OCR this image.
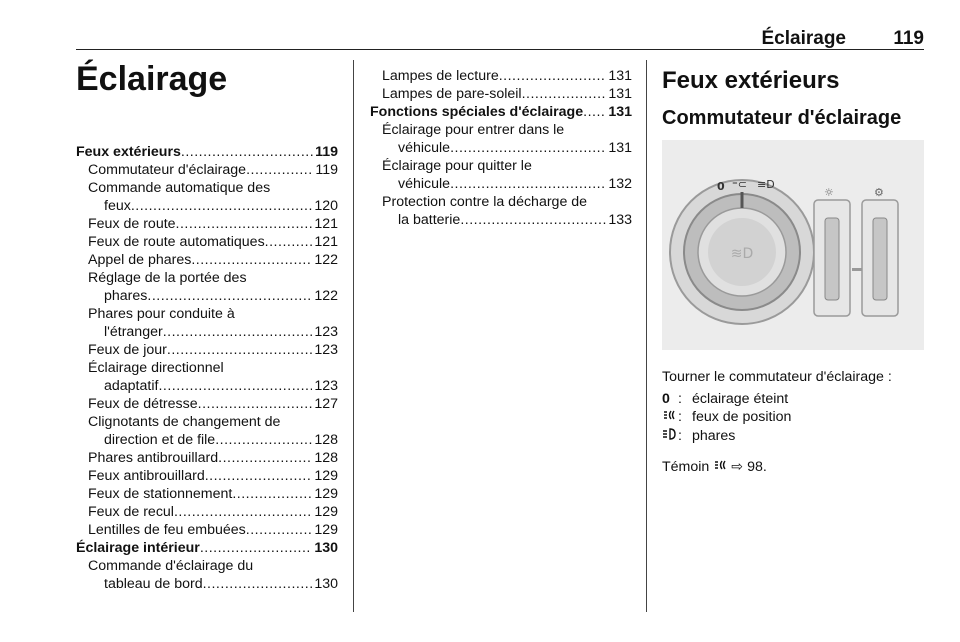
Éclairage 119
Éclairage
Feux extérieurs .....	119
Commutateur d'éclairage .....	119
Commande automatique des
feux .....	120
Feux de route .....	121
Feux de route automatiques .....	121
Appel de phares .....	122
Réglage de la portée des
phares .....	122
Phares pour conduite à
l'étranger .....	123
Feux de jour .....	123
Éclairage directionnel
adaptatif .....	123
Feux de détresse .....	127
Clignotants de changement de
direction et de file .....	128
Phares antibrouillard .....	128
Feux antibrouillard .....	129
Feux de stationnement .....	129
Feux de recul .....	129
Lentilles de feu embuées .....	129
Éclairage intérieur .....	130
Commande d'éclairage du
tableau de bord .....	130
Lampes de lecture .....	131
Lampes de pare-soleil .....	131
Fonctions spéciales d'éclairage ..... 131
Éclairage pour entrer dans le
véhicule .....	131
Éclairage pour quitter le
véhicule .....	132
Protection contre la décharge de
la batterie .....	133
Feux extérieurs
Commutateur d'éclairage
≋D
0 ⁼⊂ ≡D
☼	⚙
Tourner le commutateur d'éclairage :
0 : éclairage éteint
: feux de position
: phares
Témoin ⇨ 98.
